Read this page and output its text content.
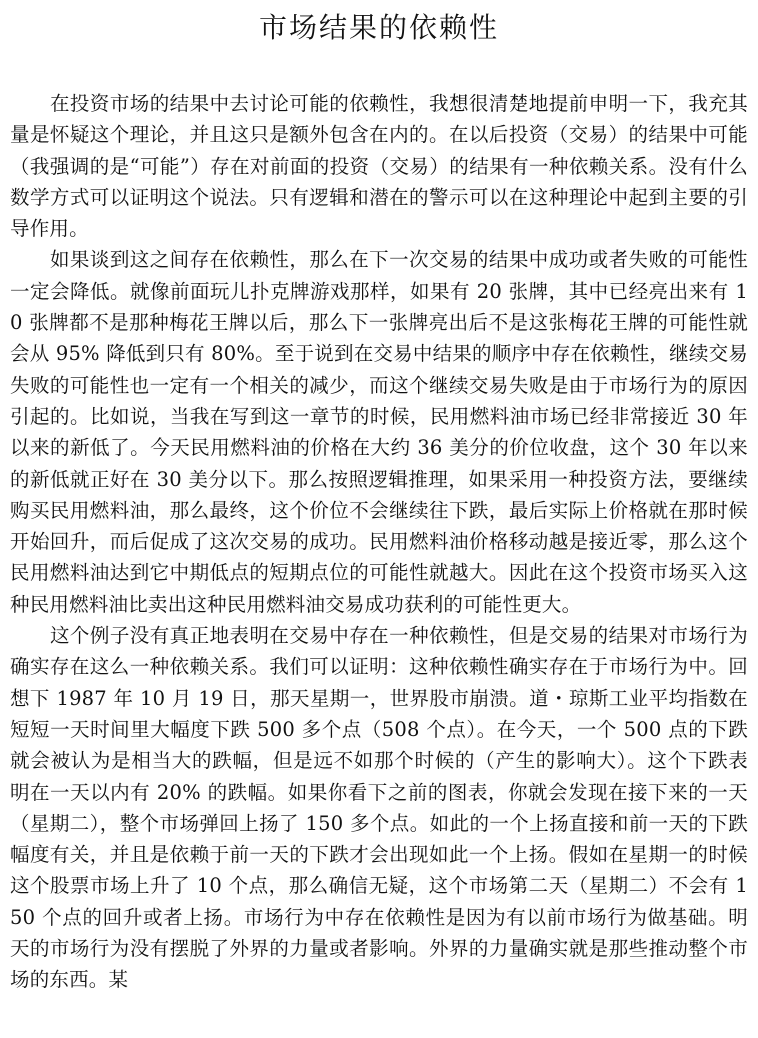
市场结果的依赖性

在投资市场的结果中去讨论可能的依赖性，我想很清楚地提前申明一下，我充其量是怀疑这个理论，并且这只是额外包含在内的。在以后投资（交易）的结果中可能（我强调的是“可能”）存在对前面的投资（交易）的结果有一种依赖关系。没有什么数学方式可以证明这个说法。只有逻辑和潜在的警示可以在这种理论中起到主要的引导作用。

如果谈到这之间存在依赖性，那么在下一次交易的结果中成功或者失败的可能性一定会降低。就像前面玩儿扑克牌游戏那样，如果有 20 张牌，其中已经亮出来有 10 张牌都不是那种梅花王牌以后，那么下一张牌亮出后不是这张梅花王牌的可能性就会从 95% 降低到只有 80%。至于说到在交易中结果的顺序中存在依赖性，继续交易失败的可能性也一定有一个相关的减少，而这个继续交易失败是由于市场行为的原因引起的。比如说，当我在写到这一章节的时候，民用燃料油市场已经非常接近 30 年以来的新低了。今天民用燃料油的价格在大约 36 美分的价位收盘，这个 30 年以来的新低就正好在 30 美分以下。那么按照逻辑推理，如果采用一种投资方法，要继续购买民用燃料油，那么最终，这个价位不会继续往下跌，最后实际上价格就在那时候开始回升，而后促成了这次交易的成功。民用燃料油价格移动越是接近零，那么这个民用燃料油达到它中期低点的短期点位的可能性就越大。因此在这个投资市场买入这种民用燃料油比卖出这种民用燃料油交易成功获利的可能性更大。

这个例子没有真正地表明在交易中存在一种依赖性，但是交易的结果对市场行为确实存在这么一种依赖关系。我们可以证明：这种依赖性确实存在于市场行为中。回想下 1987 年 10 月 19 日，那天星期一，世界股市崩溃。道・琼斯工业平均指数在短短一天时间里大幅度下跌 500 多个点（508 个点）。在今天，一个 500 点的下跌就会被认为是相当大的跌幅，但是远不如那个时候的（产生的影响大）。这个下跌表明在一天以内有 20% 的跌幅。如果你看下之前的图表，你就会发现在接下来的一天（星期二），整个市场弹回上扬了 150 多个点。如此的一个上扬直接和前一天的下跌幅度有关，并且是依赖于前一天的下跌才会出现如此一个上扬。假如在星期一的时候这个股票市场上升了 10 个点，那么确信无疑，这个市场第二天（星期二）不会有 150 个点的回升或者上扬。市场行为中存在依赖性是因为有以前市场行为做基础。明天的市场行为没有摆脱了外界的力量或者影响。外界的力量确实就是那些推动整个市场的东西。某
